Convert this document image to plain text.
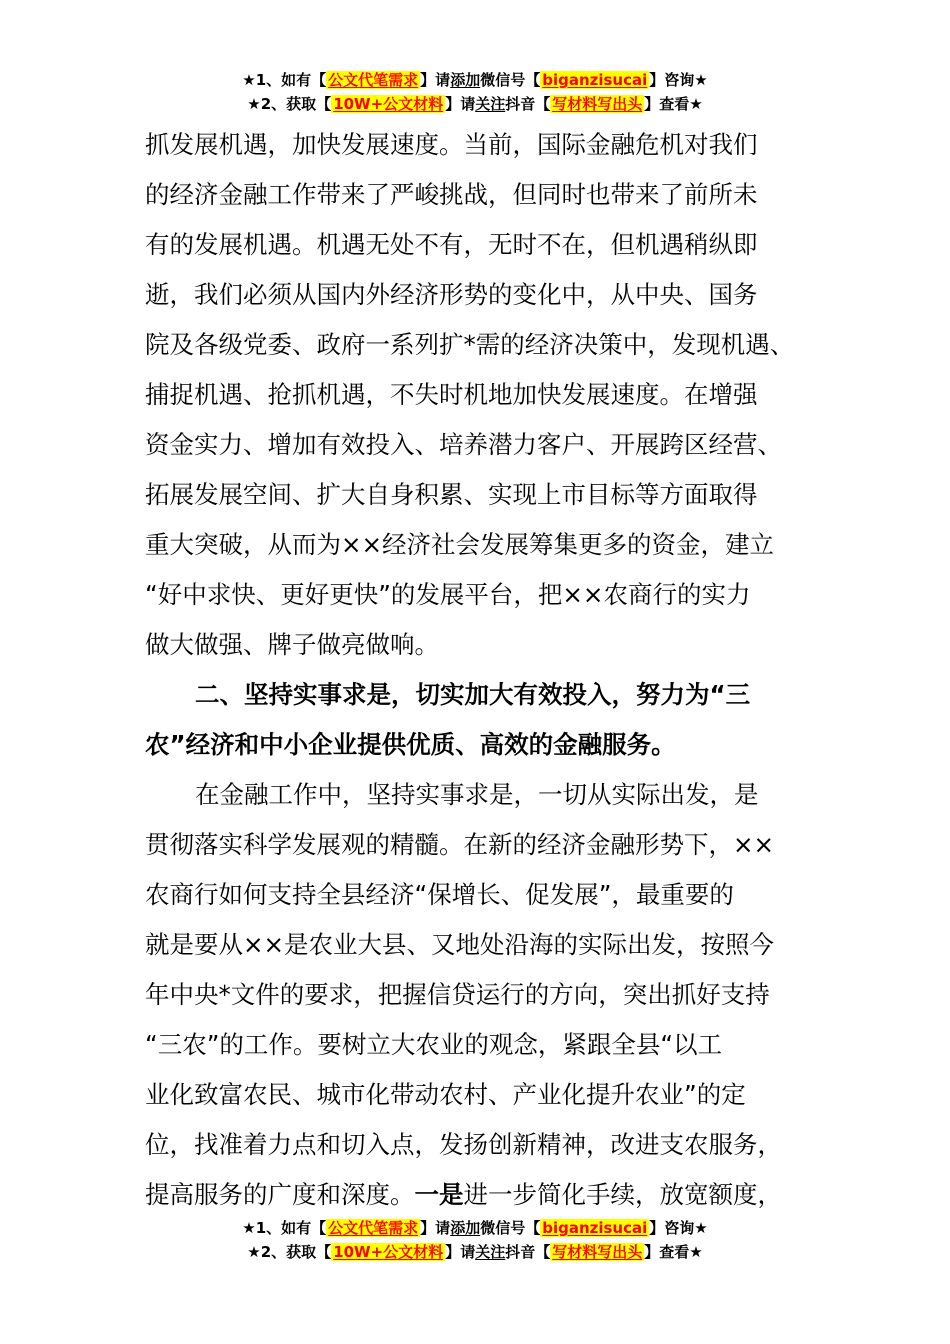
★1、如有【 公文代笔需求 】请添加微信号【 biganzisucai 】咨询★
★2、获取【 10W+公文材料 】请关注抖音【 写材料写出头 】查看★
抓发展机遇，加快发展速度。当前，国际金融危机对我们
的经济金融工作带来了严峻挑战，但同时也带来了前所未
有的发展机遇。机遇无处不有，无时不在，但机遇稍纵即
逝，我们必须从国内外经济形势的变化中，从中央、国务
院及各级党委、政府一系列扩*需的经济决策中，发现机遇、
捕捉机遇、抢抓机遇，不失时机地加快发展速度。在增强
资金实力、增加有效投入、培养潜力客户、开展跨区经营、
拓展发展空间、扩大自身积累、实现上市目标等方面取得
重大突破，从而为××经济社会发展筹集更多的资金，建立
“好中求快、更好更快”的发展平台，把××农商行的实力
做大做强、牌子做亮做响。
二、坚持实事求是，切实加大有效投入，努力为“三
农”经济和中小企业提供优质、高效的金融服务。
在金融工作中，坚持实事求是，一切从实际出发，是
贯彻落实科学发展观的精髓。在新的经济金融形势下，××
农商行如何支持全县经济“保增长、促发展”，最重要的
就是要从××是农业大县、又地处沿海的实际出发，按照今
年中央*文件的要求，把握信贷运行的方向，突出抓好支持
“三农”的工作。要树立大农业的观念，紧跟全县“以工
业化致富农民、城市化带动农村、产业化提升农业”的定
位，找准着力点和切入点，发扬创新精神，改进支农服务，
提高服务的广度和深度。一是进一步简化手续，放宽额度，
★1、如有【 公文代笔需求 】请添加微信号【 biganzisucai 】咨询★
★2、获取【 10W+公文材料 】请关注抖音【 写材料写出头 】查看★
